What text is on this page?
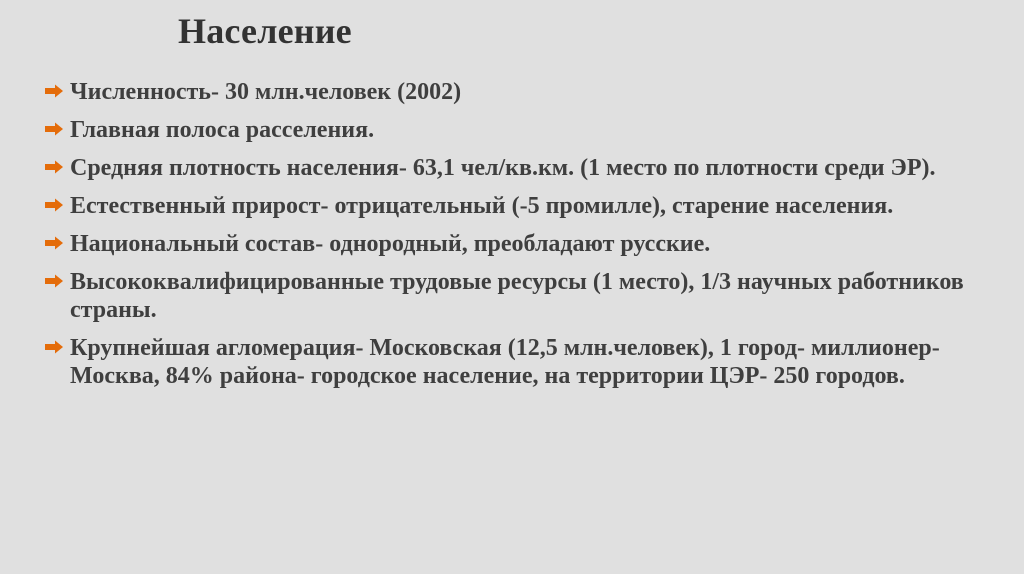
Население
Численность- 30 млн.человек (2002)
Главная полоса расселения.
Средняя плотность населения- 63,1 чел/кв.км. (1 место по плотности среди ЭР).
Естественный прирост- отрицательный (-5 промилле), старение населения.
Национальный состав- однородный, преобладают русские.
Высококвалифицированные трудовые ресурсы (1 место), 1/3 научных работников страны.
Крупнейшая агломерация- Московская (12,5 млн.человек), 1 город- миллионер-Москва, 84% района- городское население, на территории ЦЭР- 250 городов.
